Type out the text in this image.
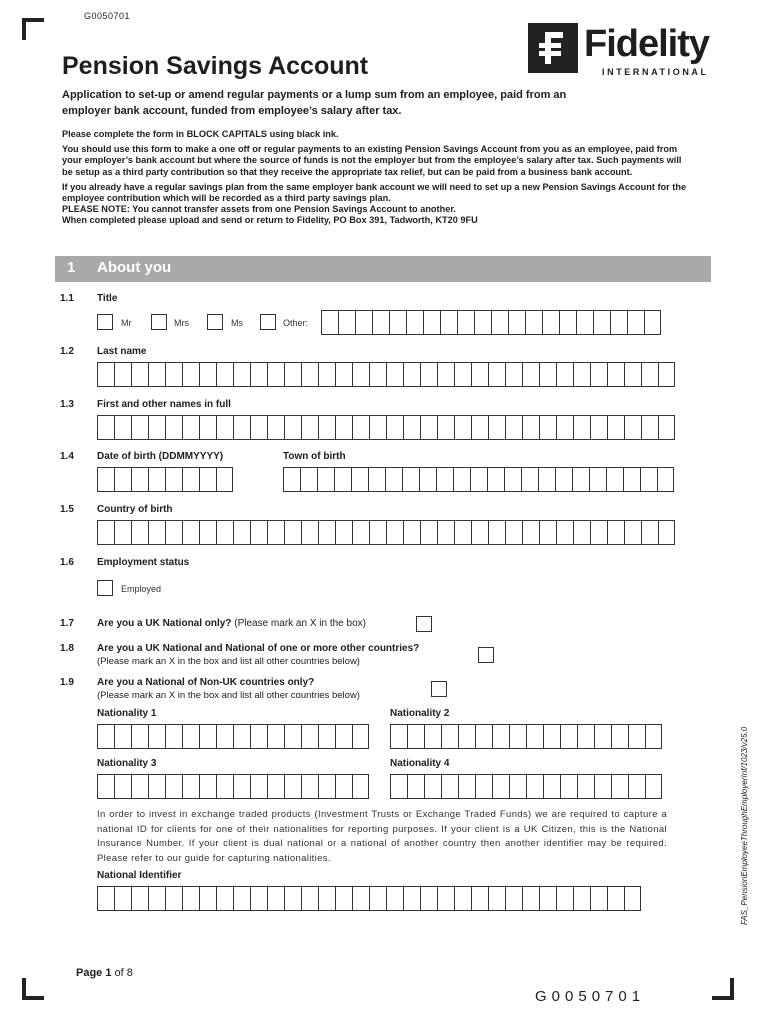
G0050701
Fidelity
INTERNATIONAL
Pension Savings Account
Application to set-up or amend regular payments or a lump sum from an employee, paid from an employer bank account, funded from employee’s salary after tax.

Please complete the form in BLOCK CAPITALS using black ink.

You should use this form to make a one off or regular payments to an existing Pension Savings Account from you as an employee, paid from your employer’s bank account but where the source of funds is not the employer but from the employee’s salary after tax. Such payments will be setup as a third party contribution so that they receive the appropriate tax relief, but can be paid from a business bank account.

If you already have a regular savings plan from the same employer bank account we will need to set up a new Pension Savings Account for the employee contribution which will be recorded as a third party savings plan.

PLEASE NOTE: You cannot transfer assets from one Pension Savings Account to another.

When completed please upload and send or return to Fidelity, PO Box 391, Tadworth, KT20 9FU

1 About you
1.1 Title
Mr	Mrs	Ms	Other:
1.2 Last name
1.3 First and other names in full
1.4 Date of birth (DDMMYYYY)	Town of birth
1.5 Country of birth
1.6 Employment status
Employed
1.7 Are you a UK National only? (Please mark an X in the box)
1.8 Are you a UK National and National of one or more other countries?
(Please mark an X in the box and list all other countries below)
1.9 Are you a National of Non-UK countries only?
(Please mark an X in the box and list all other countries below)
Nationality 1	Nationality 2
Nationality 3	Nationality 4
In order to invest in exchange traded products (Investment Trusts or Exchange Traded Funds) we are required to capture a national ID for clients for one of their nationalities for reporting purposes. If your client is a UK Citizen, this is the National Insurance Number. If your client is dual national or a national of another country then another identifier may be required. Please refer to our guide for capturing nationalities.
National Identifier	FAS_PensionEmployeeThroughEmployerInf/1023/v25.0
Page 1 of 8
G0050701
